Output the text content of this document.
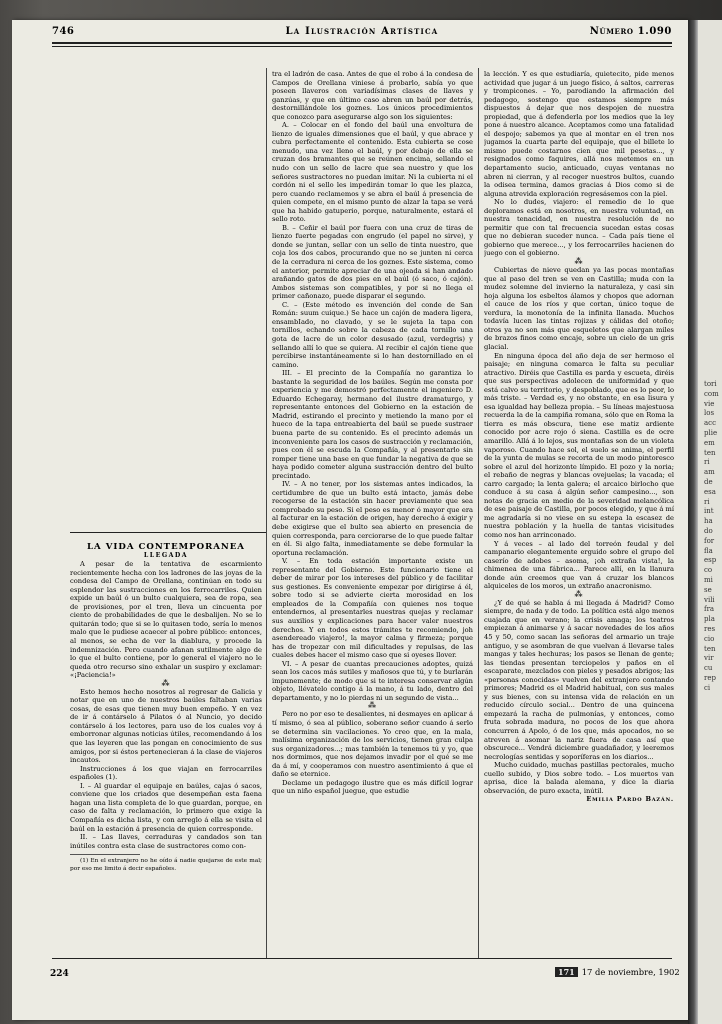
tori
com
vie
los
acc
plie
em
ten
ri
am
de
esa
ri
int
ha
do
for
fla
esp
co
mi
se
vili
fra
pla
res
cio
ten
vir
cu
rep
ci
746	La Ilustración Artística	Número 1.090

LA VIDA CONTEMPORÁNEA

LLEGADA

A pesar de la tentativa de escarmiento recientemente hecha con los ladrones de las joyas de la condesa del Campo de Orellana, continúan en todo su esplendor las sustracciones en los ferrocarriles. Quien expide un baúl ó un bulto cualquiera, sea de ropa, sea de provisiones, por el tren, lleva un cincuenta por ciento de probabilidades de que le desbalijen. No se lo quitarán todo; que si se lo quitasen todo, sería lo menos malo que le pudiese acaecer al pobre público: entonces, al menos, se echa de ver la diablura, y procede la indemnización. Pero cuando afanan sutilmente algo de lo que el bulto contiene, por lo general el viajero no le queda otro recurso sino exhalar un suspiro y exclamar: «¡Paciencia!»

⁂

Esto hemos hecho nosotros al regresar de Galicia y notar que en uno de nuestros baúles faltaban varias cosas, de esas que tienen muy buen empeño. Y en vez de ir á contárselo á Pilatos ó al Nuncio, yo decido contárselo á los lectores, para uso de los cuales voy á emborronar algunas noticias útiles, recomendando á los que las leyeren que las pongan en conocimiento de sus amigos, por si éstos pertenecieran á la clase de viajeros incautos.

Instrucciones á los que viajan en ferrocarriles españoles (1).

I. – Al guardar el equipaje en baúles, cajas ó sacos, conviene que los criados que desempeñan esta faena hagan una lista completa de lo que guardan, porque, en caso de falta y reclamación, lo primero que exige la Compañía es dicha lista, y con arreglo á ella se visita el baúl en la estación á presencia de quien corresponde.

II. – Las llaves, cerraduras y candados son tan inútiles contra esta clase de sustractores como con-

(1) En el extranjero no he oído á nadie quejarse de este mal; por eso me limito á decir españoles.

tra el ladrón de casa. Antes de que el robo á la condesa de Campos de Orellana viniese á probarlo, sabía yo que poseen llaveros con variadísimas clases de llaves y ganzúas, y que en último caso abren un baúl por detrás, destornillándole los goznes. Los únicos procedimientos que conozco para asegurarse algo son los siguientes:

A. – Colocar en el fondo del baúl una envoltura de lienzo de iguales dimensiones que el baúl, y que abrace y cubra perfectamente el contenido. Esta cubierta se cose menudo, una vez lleno el baúl, y por debajo de ella se cruzan dos bramantes que se reúnen encima, sellando el nudo con un sello de lacre que sea nuestro y que los señores sustractores no puedan imitar. Ni la cubierta ni el cordón ni el sello les impedirán tomar lo que les plazca, pero cuando reclamemos y se abra el baúl á presencia de quien compete, en el mismo punto de alzar la tapa se verá que ha habido gatuperio, porque, naturalmente, estará el sello roto.

B. – Ceñir el baúl por fuera con una cruz de tiras de lienzo fuerte pegadas con engrudo (el papel no sirve), y donde se juntan, sellar con un sello de tinta nuestro, que coja los dos cabos, procurando que no se junten ni cerca de la cerradura ni cerca de los goznes. Este sistema, como el anterior, permite apreciar de una ojeada si han andado arañando gatos de dos pies en el baúl (ó saco, ó cajón). Ambos sistemas son compatibles, y por si no llega el primer cañonazo, puede disparar el segundo.

C. – (Este método es invención del conde de San Román: suum cuique.) Se hace un cajón de madera ligera, ensambIado, no clavado, y se le sujeta la tapa con tornillos, echando sobre la cabeza de cada tornillo una gota de lacre de un color desusado (azul, verdegris) y sellando allí lo que se quiera. Al recibir el cajón tiene que percibirse instantáneamente si lo han destornillado en el camino.

III. – El precinto de la Compañía no garantiza lo bastante la seguridad de los baúles. Según me consta por experiencia y me demostró perfectamente el ingeniero D. Eduardo Echegaray, hermano del ilustre dramaturgo, y representante entonces del Gobierno en la estación de Madrid, estirando el precinto y metiendo la mano por el hueco de la tapa entreabierta del baúl se puede sustraer buena parte de su contenido. Es el precinto además un inconveniente para los casos de sustracción y reclamación, pues con él se escuda la Compañía, y al presentarlo sin romper tiene una base en que fundar la negativa de que se haya podido cometer alguna sustracción dentro del bulto precintado.

IV. – A no tener, por los sistemas antes indicados, la certidumbre de que un bulto está intacto, jamás debe recogerse de la estación sin hacer previamente que sea comprobado su peso. Si el peso es menor ó mayor que era al facturar en la estación de origen, hay derecho á exigir y debe exigirse que el bulto sea abierto en presencia de quien corresponda, para cerciorarse de lo que puede faltar en él. Si algo falta, inmediatamente se debe formular la oportuna reclamación.

V. – En toda estación importante existe un representante del Gobierno. Este funcionario tiene el deber de mirar por los intereses del público y de facilitar sus gestiones. Es conveniente empezar por dirigirse á él, sobre todo si se advierte cierta morosidad en los empleados de la Compañía con quienes nos toque entendernos, al presentarles nuestras quejas y reclamar sus auxilios y explicaciones para hacer valer nuestros derechos. Y en todos estos trámites te recomiendo, joh asendereado viajero!, la mayor calma y firmeza; porque has de tropezar con mil dificultades y repulsas, de las cuales debes hacer el mismo caso que si oyeses llover.

VI. – A pesar de cuantas precauciones adoptes, quizá sean los cacos más sutiles y mañosos que tú, y te burlarán impunemente; de modo que si te interesa conservar algún objeto, llévatelo contigo á la mano, á tu lado, dentro del departamento, y no lo pierdas ni un segundo de vista...

⁂

Pero no por eso te desalientes, ni desmayes en aplicar á tí mismo, ó sea al público, soberano señor cuando á serlo se determina sin vacilaciones. Yo creo que, en la mala, malísima organización de los servicios, tienen gran culpa sus organizadores...; mas también la tenemos tú y yo, que nos dormimos, que nos dejamos invadir por el qué se me da á mí, y cooperamos con nuestro asentimiento á que el daño se eternice.

Declame un pedagogo ilustre que es más difícil lograr que un niño español juegue, que estudie

la lección. Y es que estudiaría, quietecito, pide menos actividad que jugar á un juego físico, á saltos, carreras y trompicones. – Yo, parodiando la afirmación del pedagogo, sostengo que estamos siempre más dispuestos á dejar que nos despojen de nuestra propiedad, que á defenderla por los medios que la ley pone á nuestro alcance. Aceptamos como una fatalidad el despojo; sabemos ya que al montar en el tren nos jugamos la cuarta parte del equipaje, que el billete lo mismo puede costarnos cien que mil pesetas..., y resignados como faquires, allá nos metemos en un departamento sucio, anticuado, cuyas ventanas no abren ni cierran, y al recoger nuestros bultos, cuando la odisea termina, damos gracias á Dios como si de alguna atrevida exploración regresásemos con la piel.

No lo dudes, viajero: el remedio de lo que deploramos está en nosotros, en nuestra voluntad, en nuestra tenacidad, en nuestra resolución de no permitir que con tal frecuencia sucedan estas cosas que no debieran suceder nunca. – Cada país tiene el gobierno que merece..., y los ferrocarriles hacienen do juego con el gobierno.

⁂

Cubiertas de nieve quedan ya las pocas montañas que al paso del tren se ven en Castilla; muda con la mudez solemne del invierno la naturaleza, y casi sin hoja alguna los esbeltos álamos y chopos que adornan el cauce de los ríos y que cortan, único toque de verdura, la monotonía de la infinita llanada. Muchos todavía lucen las tintas rojizas y cálidas del otoño; otros ya no son más que esqueletos que alargan miles de brazos finos como encaje, sobre un cielo de un gris glacial.

En ninguna época del año deja de ser hermoso el paisaje; en ninguna comarca le falta su peculiar atractivo. Diréis que Castilla es parda y escueta, diréis que sus perspectivas adolecen de uniformidad y que está calvo su territorio, y despoblado, que es lo peor, lo más triste. – Verdad es, y no obstante, en esa lisura y esa igualdad hay belleza propia. – Su líneas majestuosa recuerda la de la campiña romana, sólo que en Roma la tierra es más obscura, tiene ese matiz ardiente conocido por acre rojo ó siena. Castilla es de ocre amarillo. Allá á lo lejos, sus montañas son de un violeta vaporoso. Cuando hace sol, el suelo se anima, el perfil de la yunta de mulas se recorta de un modo pintoresco sobre el azul del horizonte límpido. El pozo y la noria; el rebaño de negras y blancas ovejuelas; la vacada; el carro cargado; la lenta galera; el arcaico birlocho que conduce á su casa á algún señor campesino..., son notas de gracia en medio de la severidad melancólica de ese paisaje de Castilla, por pocos elegido, y que á mí me agradaría si no viese en su estepa la escasez de nuestra población y la huella de tantas vicisitudes como nos han arrinconado.

Y á veces – al lado del torreón feudal y del campanario elegantemente erguido sobre el grupo del caserío de adobes – asoma, ¡oh extraña vista!, la chimenea de una fábrica... Parece allí, en la llanura donde aún creemos que van á cruzar los blancos alquiceles de los moros, un extraño anacronismo.

⁂

¿Y de qué se habla á mi llegada á Madrid? Como siempre, de nada y de todo. La política está algo menos cuajada que en verano; la crisis amaga; los teatros empiezan á animarse y á sacar novedades de los años 45 y 50, como sacan las señoras del armario un traje antiguo, y se asombran de que vuelvan á llevarse tales mangas y tales hechuras; los pasos se llenan de gente; las tiendas presentan terciopelos y paños en el escaparate, mezclados con pieles y pesados abrigos; las «personas conocidas» vuelven del extranjero contando primores; Madrid es el Madrid habitual, con sus males y sus bienes, con su intensa vida de relación en un reducido círculo social... Dentro de una quincena empezará la racha de pulmonías, y entonces, como fruta sobrada madura, no pocos de los que ahora concurren á Apolo, ó de los que, más apocados, no se atreven á asomar la nariz fuera de casa así que obscurece... Vendrá diciembre guadañador, y leeremos necrologías sentidas y soporíferas en los diarios...

Mucho cuidado, muchas pastillas pectorales, mucho cuello subido, y Dios sobre todo. – Los muertos van aprisa, dice la balada alemana, y dice la diaria observación, de puro exacta, inútil.

Emilia Pardo Bazán.

224	171 17 de noviembre, 1902
